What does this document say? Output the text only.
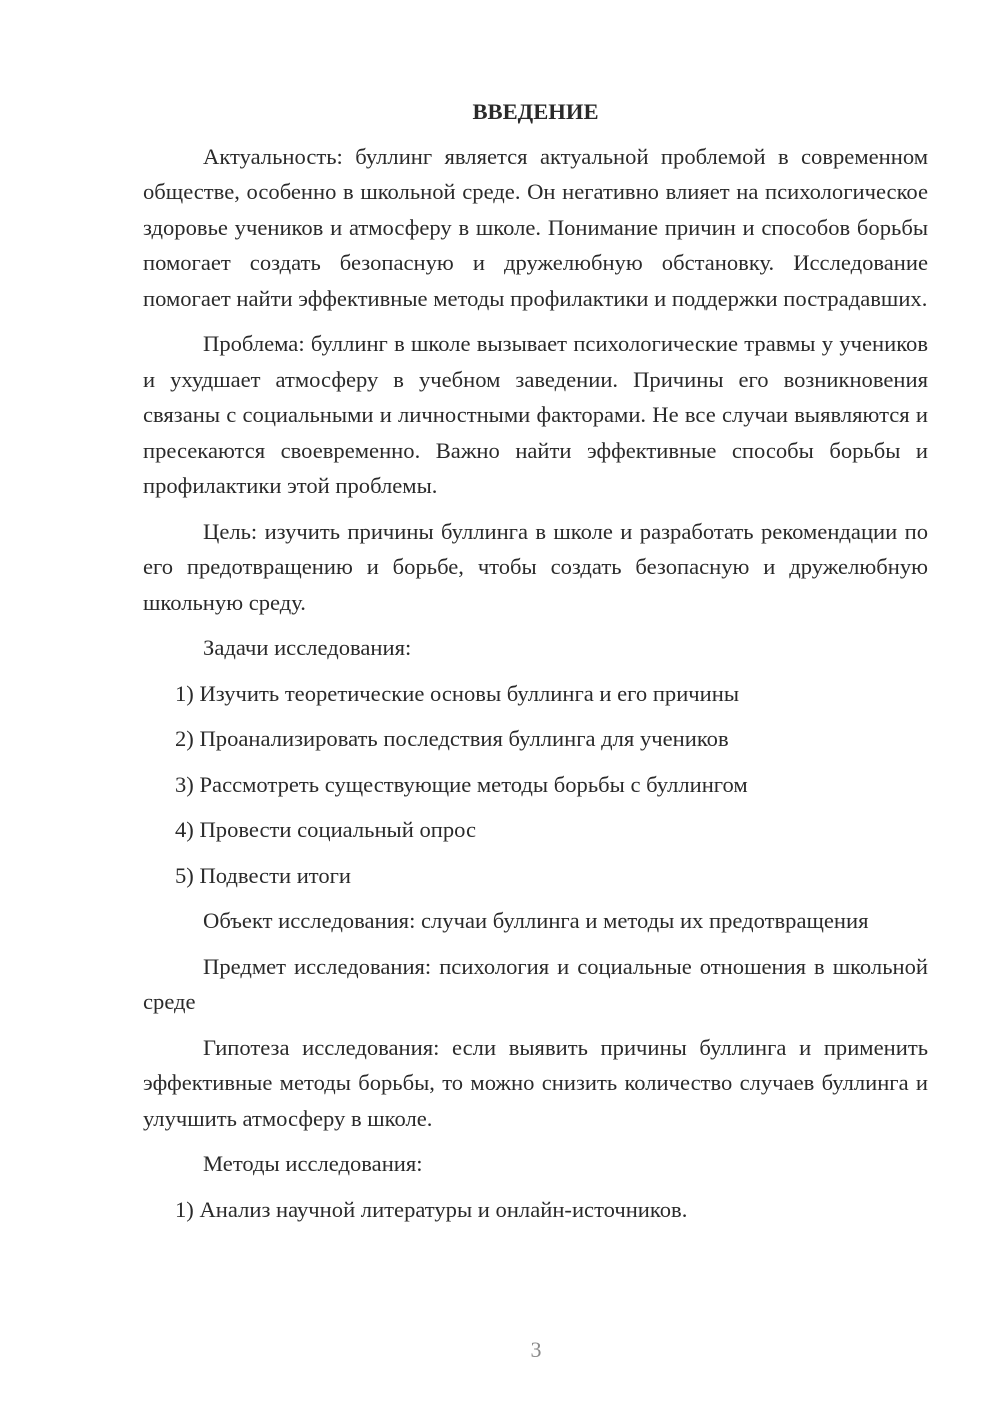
ВВЕДЕНИЕ

Актуальность: буллинг является актуальной проблемой в современном обществе, особенно в школьной среде. Он негативно влияет на психологическое здоровье учеников и атмосферу в школе. Понимание причин и способов борьбы помогает создать безопасную и дружелюбную обстановку. Исследование помогает найти эффективные методы профилактики и поддержки пострадавших.

Проблема: буллинг в школе вызывает психологические травмы у учеников и ухудшает атмосферу в учебном заведении. Причины его возникновения связаны с социальными и личностными факторами. Не все случаи выявляются и пресекаются своевременно. Важно найти эффективные способы борьбы и профилактики этой проблемы.

Цель: изучить причины буллинга в школе и разработать рекомендации по его предотвращению и борьбе, чтобы создать безопасную и дружелюбную школьную среду.

Задачи исследования:

1) Изучить теоретические основы буллинга и его причины
2) Проанализировать последствия буллинга для учеников
3) Рассмотреть существующие методы борьбы с буллингом
4) Провести социальный опрос
5) Подвести итоги

Объект исследования: случаи буллинга и методы их предотвращения

Предмет исследования: психология и социальные отношения в школьной среде

Гипотеза исследования: если выявить причины буллинга и применить эффективные методы борьбы, то можно снизить количество случаев буллинга и улучшить атмосферу в школе.

Методы исследования:

1) Анализ научной литературы и онлайн-источников.
3
